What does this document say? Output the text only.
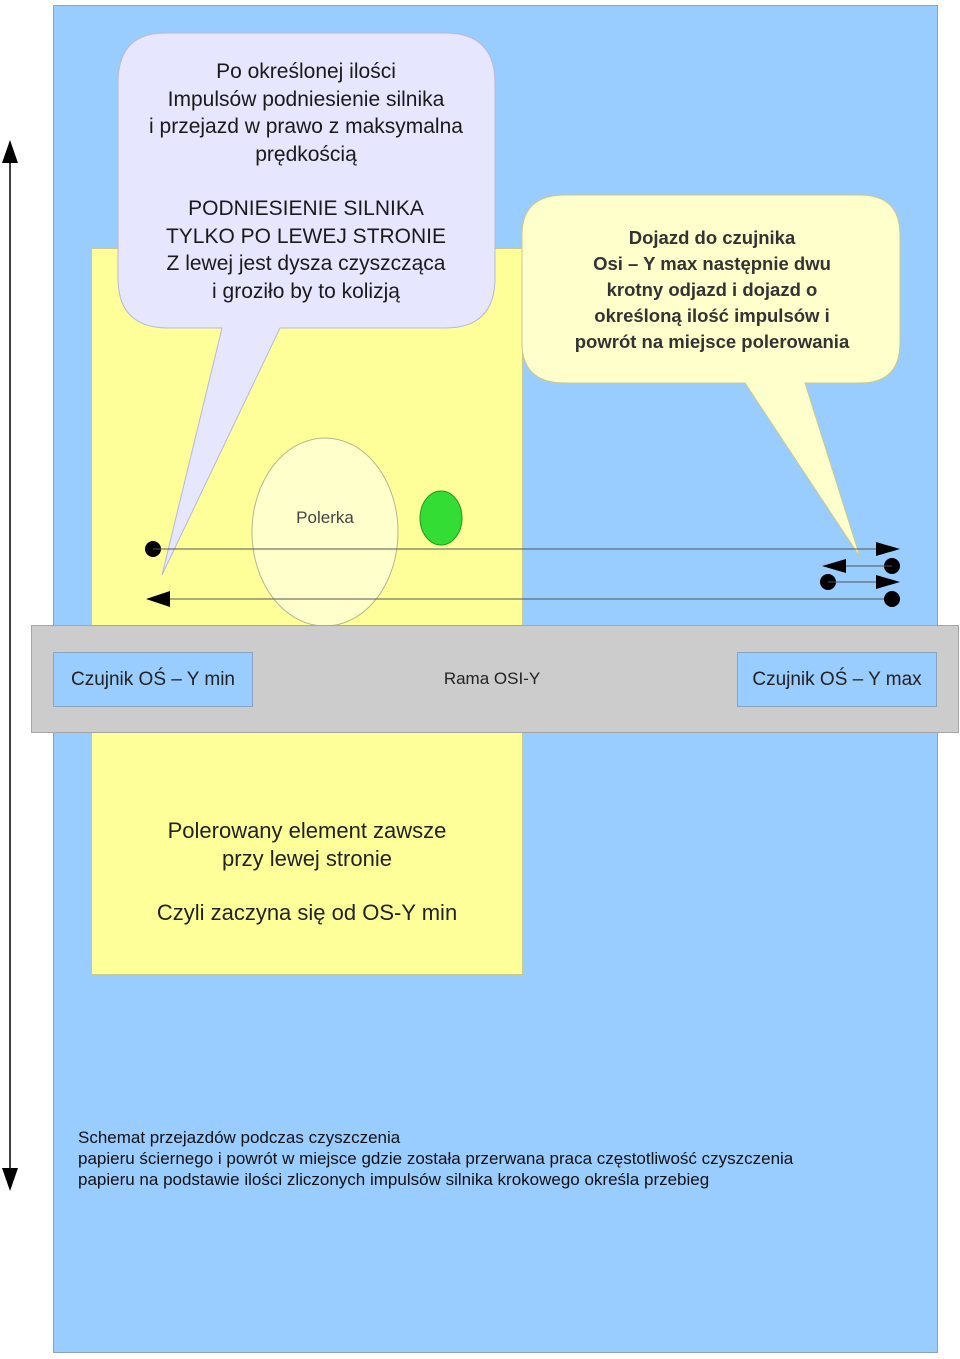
Po określonej ilości

Impulsów podniesienie silnika

i przejazd w prawo z maksymalna

prędkością

PODNIESIENIE SILNIKA

TYLKO PO LEWEJ STRONIE

Z lewej jest dysza czyszcząca

i groziło by to kolizją

Dojazd do czujnika
Osi – Y max następnie dwu
krotny odjazd i dojazd o
określoną ilość impulsów i
powrót na miejsce polerowania
Polerka
Czujnik OŚ – Y min	Rama OSI-Y	Czujnik OŚ – Y max

Polerowany element zawsze

przy lewej stronie

Czyli zaczyna się od OS-Y min

Schemat przejazdów podczas czyszczenia

papieru ściernego i powrót w miejsce gdzie została przerwana praca częstotliwość czyszczenia

papieru na podstawie ilości zliczonych impulsów silnika krokowego określa przebieg
